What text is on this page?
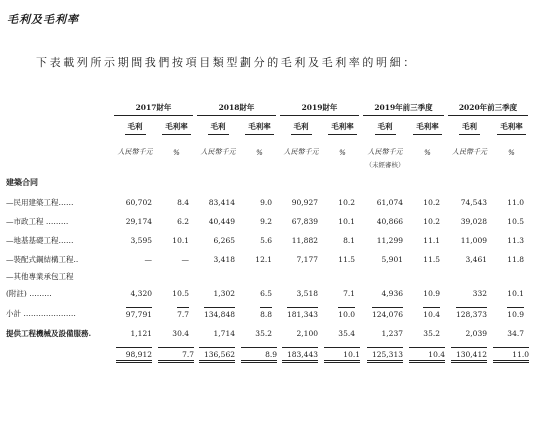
毛利及毛利率
下表載列所示期間我們按項目類型劃分的毛利及毛利率的明細：

	2017財年		2018財年		2019財年		2019年前三季度		2020年前三季度	

	毛利	毛利率	毛利	毛利率	毛利	毛利率	毛利	毛利率	毛利	毛利率
	人民幣千元	%	人民幣千元	%	人民幣千元	%	人民幣千元	%	人民幣千元	%
							（未經審核）			
建築合同										
—民用建築工程……	60,702	8.4	83,414	9.0	90,927	10.2	61,074	10.2	74,543	11.0
—市政工程 ………	29,174	6.2	40,449	9.2	67,839	10.1	40,866	10.2	39,028	10.5
—地基基礎工程……	3,595	10.1	6,265	5.6	11,882	8.1	11,299	11.1	11,009	11.3
—裝配式鋼結構工程..	—	—	3,418	12.1	7,177	11.5	5,901	11.5	3,461	11.8
—其他專業承包工程										
(附註) ………	4,320	10.5	1,302	6.5	3,518	7.1	4,936	10.9	332	10.1
小計 …………………	97,791	7.7	134,848	8.8	181,343	10.0	124,076	10.4	128,373	10.9
提供工程機械及設備服務.	1,121	30.4	1,714	35.2	2,100	35.4	1,237	35.2	2,039	34.7
	98,912	7.7	136,562	8.9	183,443	10.1	125,313	10.4	130,412	11.0
